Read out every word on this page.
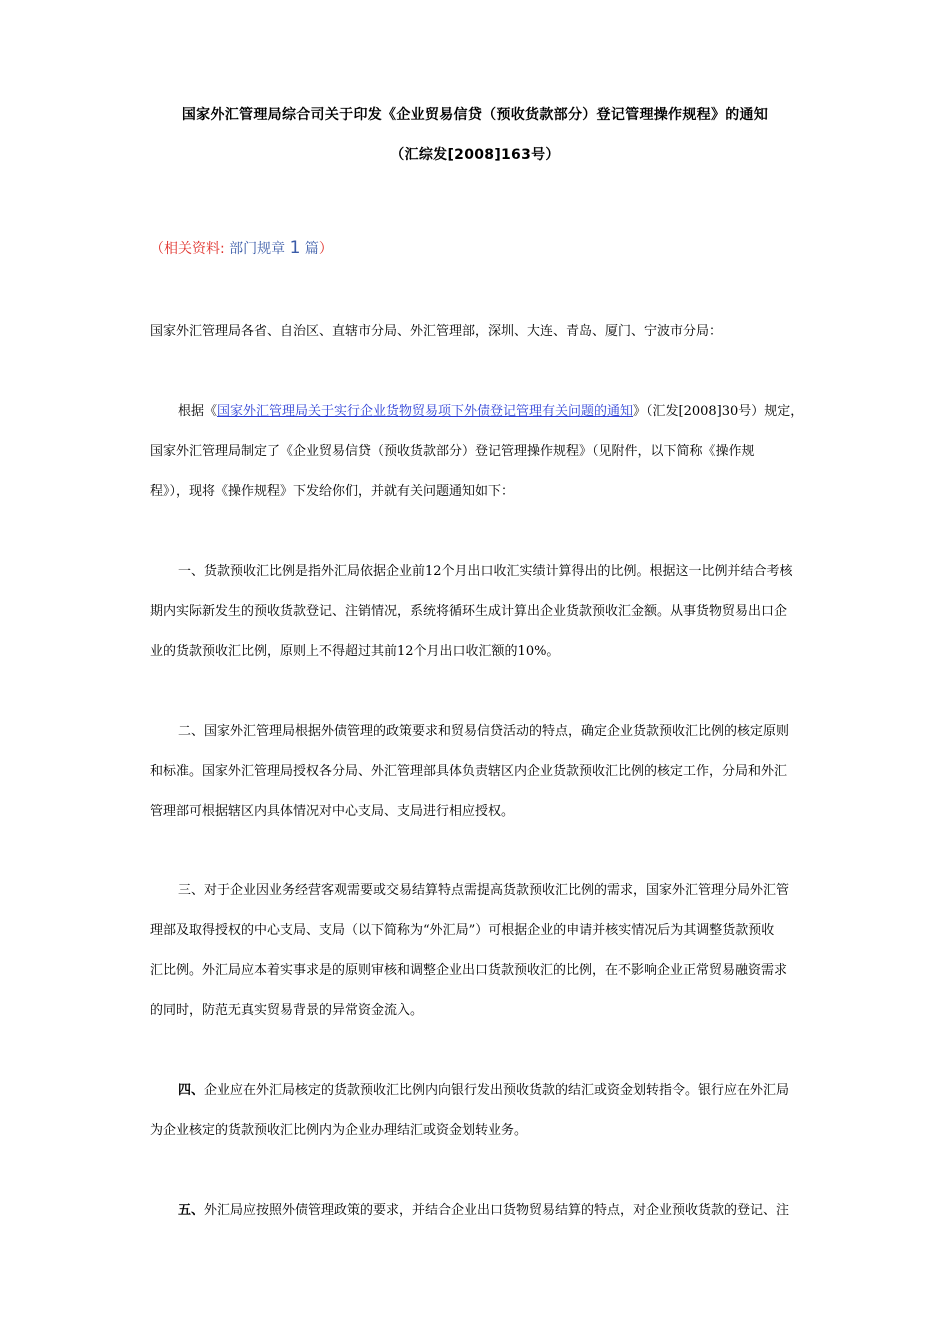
国家外汇管理局综合司关于印发《企业贸易信贷（预收货款部分）登记管理操作规程》的通知
（汇综发[2008]163号）
（相关资料: 部门规章 1 篇）
国家外汇管理局各省、自治区、直辖市分局、外汇管理部，深圳、大连、青岛、厦门、宁波市分局：
根据《国家外汇管理局关于实行企业货物贸易项下外债登记管理有关问题的通知》（汇发[2008]30号）规定，
国家外汇管理局制定了《企业贸易信贷（预收货款部分）登记管理操作规程》（见附件，以下简称《操作规
程》），现将《操作规程》下发给你们，并就有关问题通知如下：
一、货款预收汇比例是指外汇局依据企业前12个月出口收汇实绩计算得出的比例。根据这一比例并结合考核
期内实际新发生的预收货款登记、注销情况，系统将循环生成计算出企业货款预收汇金额。从事货物贸易出口企
业的货款预收汇比例，原则上不得超过其前12个月出口收汇额的10%。
二、国家外汇管理局根据外债管理的政策要求和贸易信贷活动的特点，确定企业货款预收汇比例的核定原则
和标准。国家外汇管理局授权各分局、外汇管理部具体负责辖区内企业货款预收汇比例的核定工作，分局和外汇
管理部可根据辖区内具体情况对中心支局、支局进行相应授权。
三、对于企业因业务经营客观需要或交易结算特点需提高货款预收汇比例的需求，国家外汇管理分局外汇管
理部及取得授权的中心支局、支局（以下简称为“外汇局”）可根据企业的申请并核实情况后为其调整货款预收
汇比例。外汇局应本着实事求是的原则审核和调整企业出口货款预收汇的比例，在不影响企业正常贸易融资需求
的同时，防范无真实贸易背景的异常资金流入。
四、企业应在外汇局核定的货款预收汇比例内向银行发出预收货款的结汇或资金划转指令。银行应在外汇局
为企业核定的货款预收汇比例内为企业办理结汇或资金划转业务。
五、外汇局应按照外债管理政策的要求，并结合企业出口货物贸易结算的特点，对企业预收货款的登记、注
